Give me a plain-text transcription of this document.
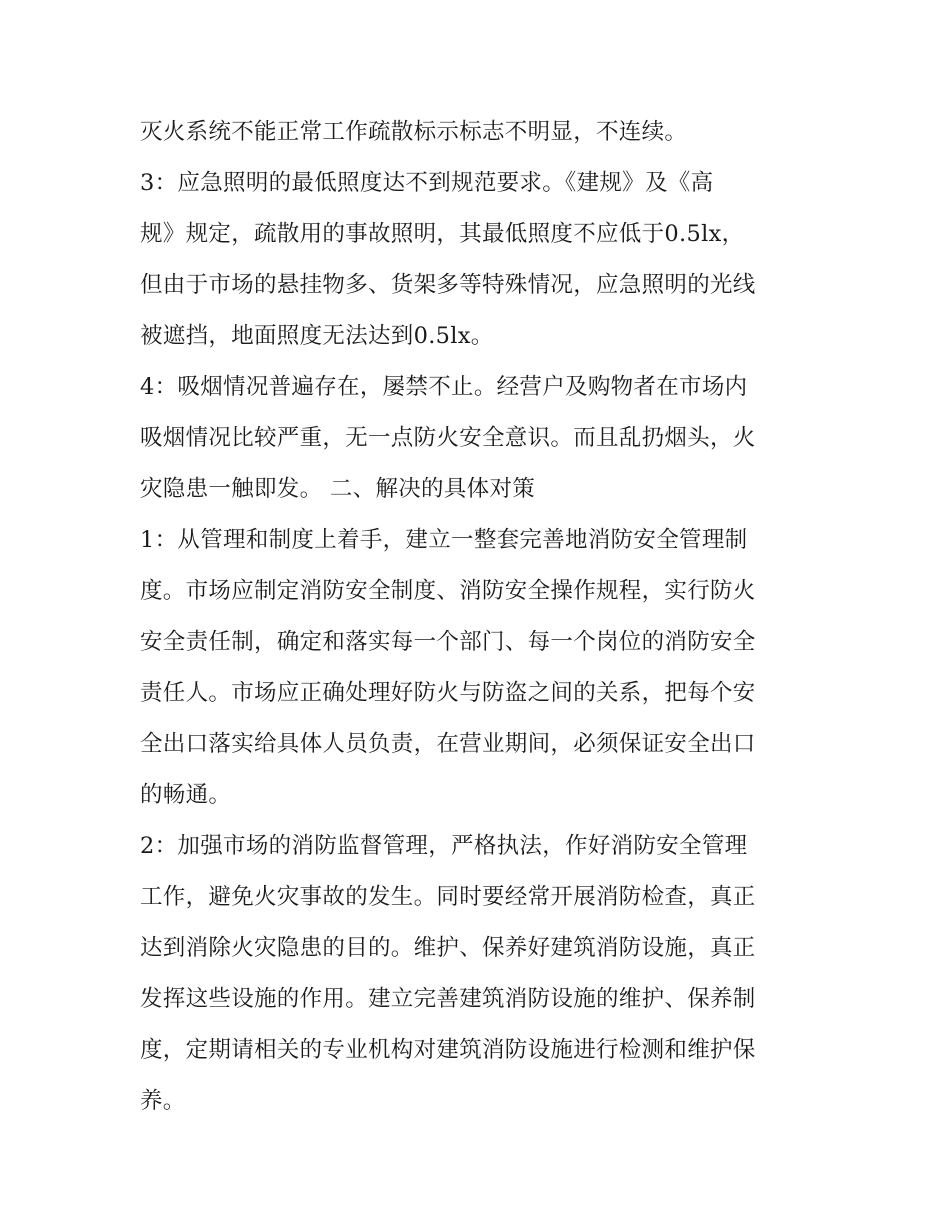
灭火系统不能正常工作疏散标示标志不明显，不连续。
3：应急照明的最低照度达不到规范要求。《建规》及《高
规》规定，疏散用的事故照明，其最低照度不应低于0.5lx，
但由于市场的悬挂物多、货架多等特殊情况，应急照明的光线
被遮挡，地面照度无法达到0.5lx。
4：吸烟情况普遍存在，屡禁不止。经营户及购物者在市场内
吸烟情况比较严重，无一点防火安全意识。而且乱扔烟头，火
灾隐患一触即发。 二、解决的具体对策
1：从管理和制度上着手，建立一整套完善地消防安全管理制
度。市场应制定消防安全制度、消防安全操作规程，实行防火
安全责任制，确定和落实每一个部门、每一个岗位的消防安全
责任人。市场应正确处理好防火与防盗之间的关系，把每个安
全出口落实给具体人员负责，在营业期间，必须保证安全出口
的畅通。
2：加强市场的消防监督管理，严格执法，作好消防安全管理
工作，避免火灾事故的发生。同时要经常开展消防检查，真正
达到消除火灾隐患的目的。维护、保养好建筑消防设施，真正
发挥这些设施的作用。建立完善建筑消防设施的维护、保养制
度，定期请相关的专业机构对建筑消防设施进行检测和维护保
养。
